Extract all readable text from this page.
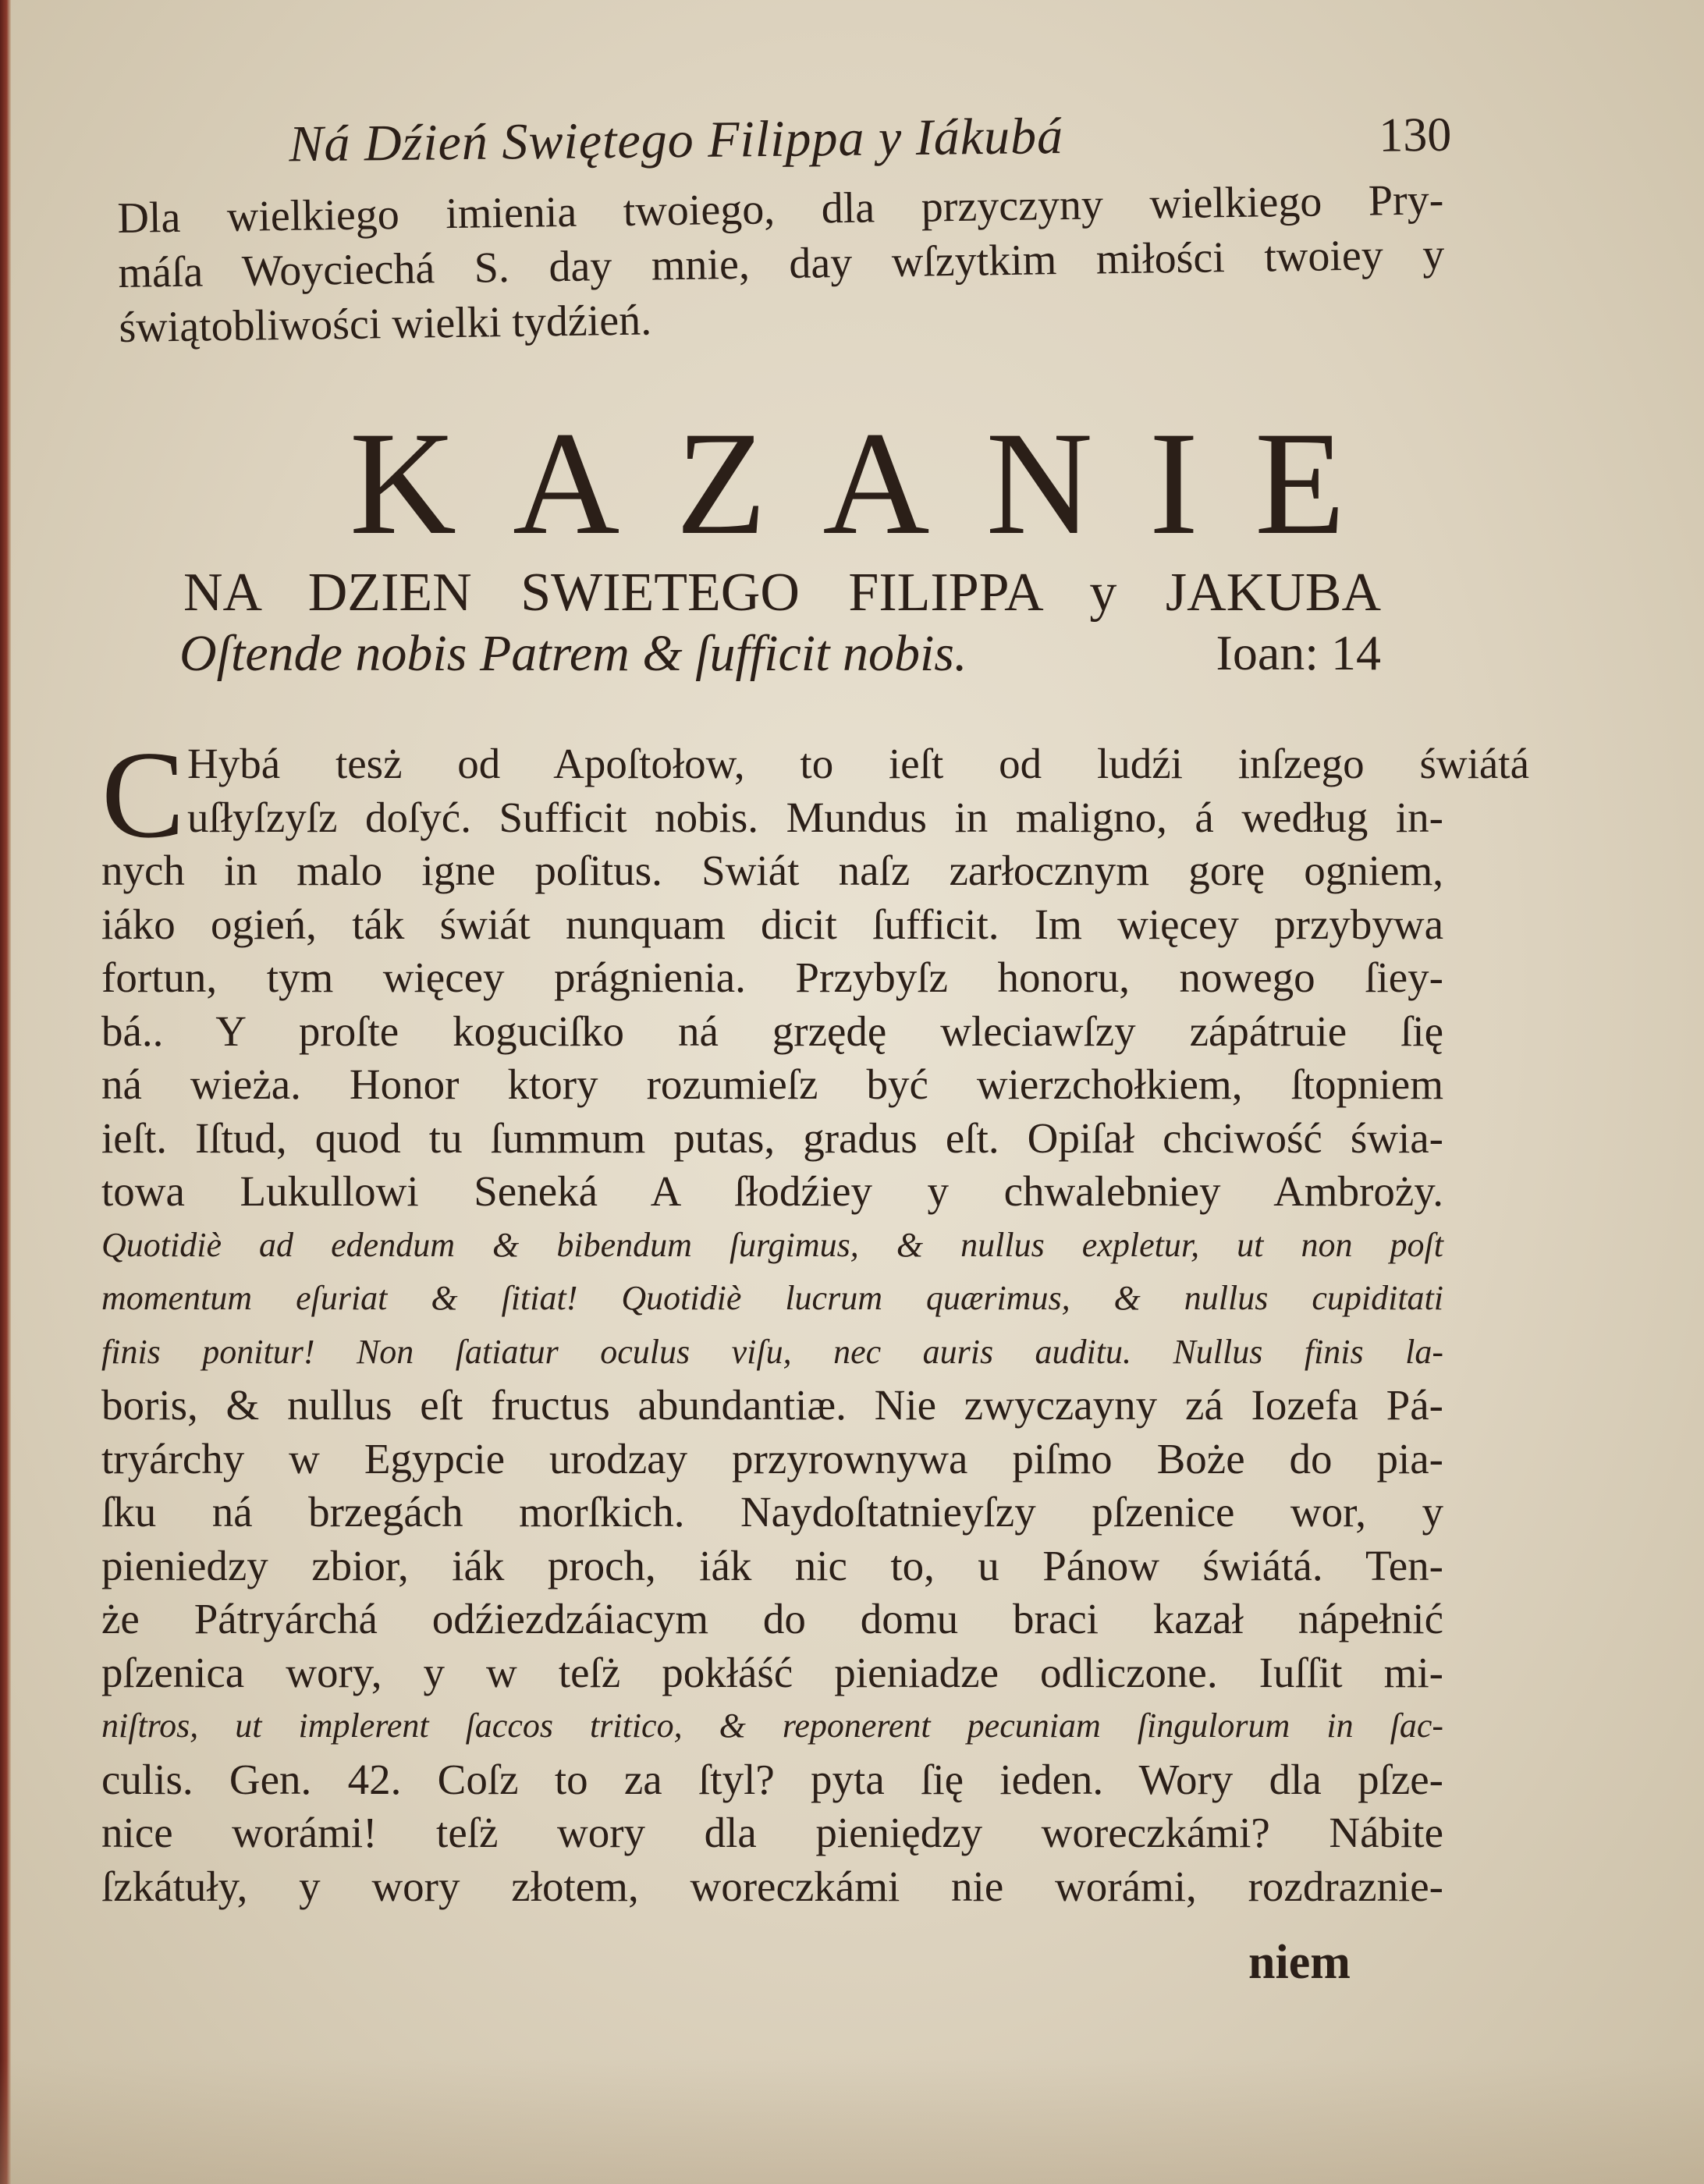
Ná Dźień Swiętego Filippa y Iákubá	130
Dla wielkiego imienia twoiego, dla przyczyny wielkiego Pry-
máſa Woyciechá S. day mnie, day wſzytkim miłości twoiey y
świątobliwości wielki tydźień.
KAZANIE
NA DZIEN SWIETEGO FILIPPA y JAKUBA
Oſtende nobis Patrem & ſufficit nobis.	Ioan: 14
C Hybá tesż od Apoſtołow, to ieſt od ludźi inſzego świátá
uſłyſzyſz doſyć. Sufficit nobis. Mundus in maligno, á według in-
nych in malo igne poſitus. Swiát naſz zarłocznym gorę ogniem,
iáko ogień, ták świát nunquam dicit ſufficit. Im więcey przybywa
fortun, tym więcey prágnienia. Przybyſz honoru, nowego ſiey-
bá.. Y proſte koguciſko ná grzędę wleciawſzy zápátruie ſię
ná wieża. Honor ktory rozumieſz być wierzchołkiem, ſtopniem
ieſt. Iſtud, quod tu ſummum putas, gradus eſt. Opiſał chciwość świa-
towa Lukullowi Seneká A ſłodźiey y chwalebniey Ambroży.
Quotidiè ad edendum & bibendum ſurgimus, & nullus expletur, ut non poſt
momentum eſuriat & ſitiat! Quotidiè lucrum quærimus, & nullus cupiditati
finis ponitur! Non ſatiatur oculus viſu, nec auris auditu. Nullus finis la-
boris, & nullus eſt fructus abundantiæ. Nie zwyczayny zá Iozefa Pá-
tryárchy w Egypcie urodzay przyrownywa piſmo Boże do pia-
ſku ná brzegách morſkich. Naydoſtatnieyſzy pſzenice wor, y
pieniedzy zbior, iák proch, iák nic to, u Pánow świátá. Ten-
że Pátryárchá odźiezdzáiacym do domu braci kazał nápełnić
pſzenica wory, y w teſż pokłáść pieniadze odliczone. Iuſſit mi-
niſtros, ut implerent ſaccos tritico, & reponerent pecuniam ſingulorum in ſac-
culis. Gen. 42. Coſz to za ſtyl? pyta ſię ieden. Wory dla pſze-
nice worámi! teſż wory dla pieniędzy woreczkámi? Nábite
ſzkátuły, y wory złotem, woreczkámi nie worámi, rozdraznie-
niem
